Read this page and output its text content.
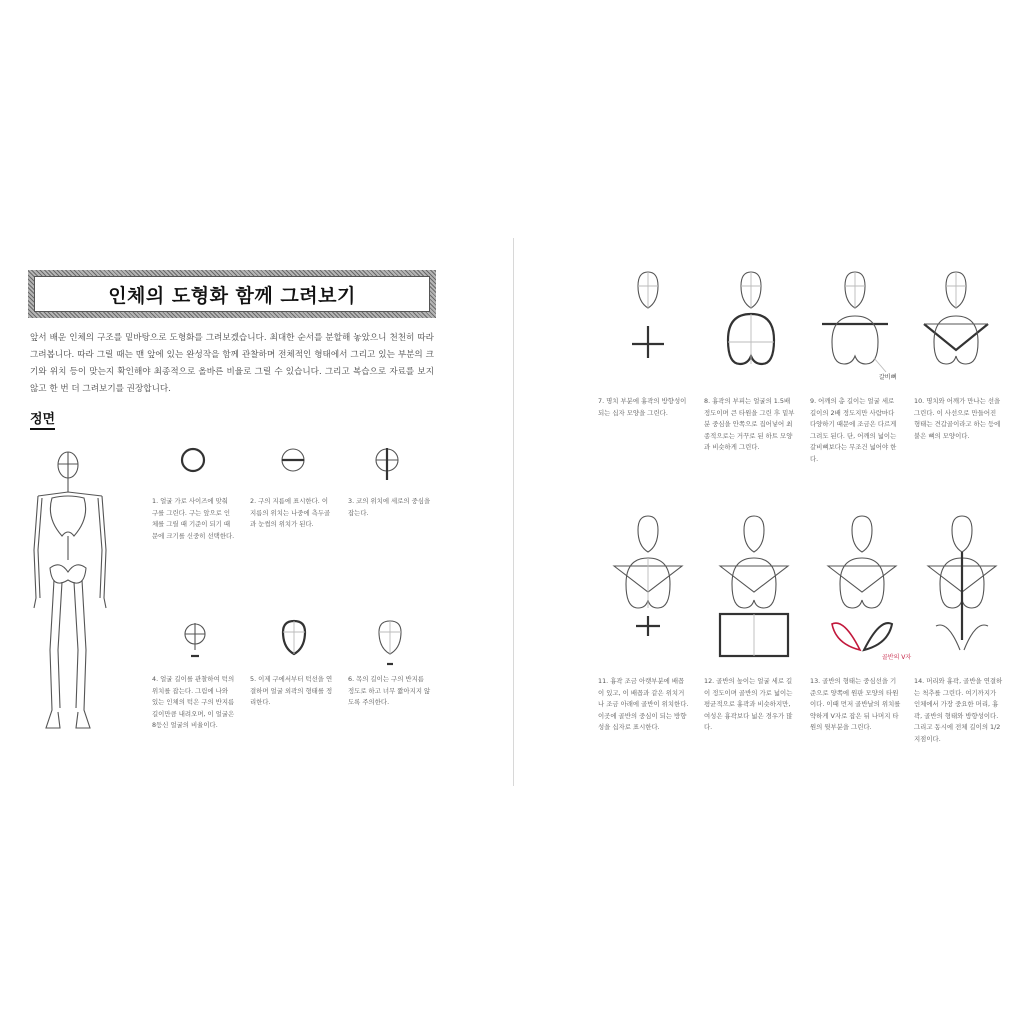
인체의 도형화 함께 그려보기
앞서 배운 인체의 구조를 밑바탕으로 도형화를 그려보겠습니다. 최대한 순서를 분할해 놓았으니 천천히 따라 그려봅니다. 따라 그릴 때는 맨 앞에 있는 완성작을 함께 관찰하며 전체적인 형태에서 그리고 있는 부분의 크기와 위치 등이 맞는지 확인해야 최종적으로 올바른 비율로 그릴 수 있습니다. 그리고 복습으로 자료를 보지 않고 한 번 더 그려보기를 권장합니다.
정면
1. 얼굴 가로 사이즈에 맞춰 구를 그린다. 구는 앞으로 인체를 그릴 때 기준이 되기 때문에 크기를 신중히 선택한다.
2. 구의 지름에 표시한다. 이 지름의 위치는 나중에 측두골과 눈썹의 위치가 된다.
3. 코의 위치에 세로의 중심을 잡는다.
4. 얼굴 길이를 관찰하여 턱의 위치를 잡는다. 그림에 나와 있는 인체의 턱은 구의 반지름 길이만큼 내려오며, 이 얼굴은 8등신 얼굴의 비율이다.
5. 이제 구에서부터 턱선을 연결하며 얼굴 외곽의 형태를 정리한다.
6. 목의 길이는 구의 반지름 정도로 하고 너무 짧아지지 않도록 주의한다.
갈비뼈
7. 명치 부분에 흉곽의 방향성이 되는 십자 모양을 그린다.
8. 흉곽의 부피는 얼굴의 1.5배 정도이며 큰 타원을 그린 후 밑부분 중심을 안쪽으로 집어넣어 최종적으로는 거꾸로 된 하트 모양과 비슷하게 그린다.
9. 어깨의 총 길이는 얼굴 세로 길이의 2배 정도지만 사람마다 다양하기 때문에 조금은 다르게 그려도 된다. 단, 어깨의 넓이는 갈비뼈보다는 무조건 넓어야 한다.
10. 명치와 어깨가 만나는 선을 그린다. 이 사선으로 만들어진 형태는 견갑골이라고 하는 등에 붙은 뼈의 모양이다.
골반의 V자
11. 흉곽 조금 아랫부분에 배꼽이 있고, 이 배꼽과 같은 위치거나 조금 아래에 골반이 위치한다. 이곳에 골반의 중심이 되는 방향성을 십자로 표시한다.
12. 골반의 높이는 얼굴 세로 길이 정도이며 골반의 가로 넓이는 평균적으로 흉곽과 비슷하지만, 여성은 흉곽보다 넓은 경우가 많다.
13. 골반의 형태는 중심선을 기준으로 양쪽에 원판 모양의 타원이다. 이때 먼저 골반날의 위치를 약하게 V자로 잡은 뒤 나머지 타원의 뒷부분을 그린다.
14. 머리와 흉곽, 골반을 연결하는 척추를 그린다. 여기까지가 인체에서 가장 중요한 머리, 흉곽, 골반의 형태와 방향성이다. 그리고 동시에 전체 길이의 1/2 지점이다.
